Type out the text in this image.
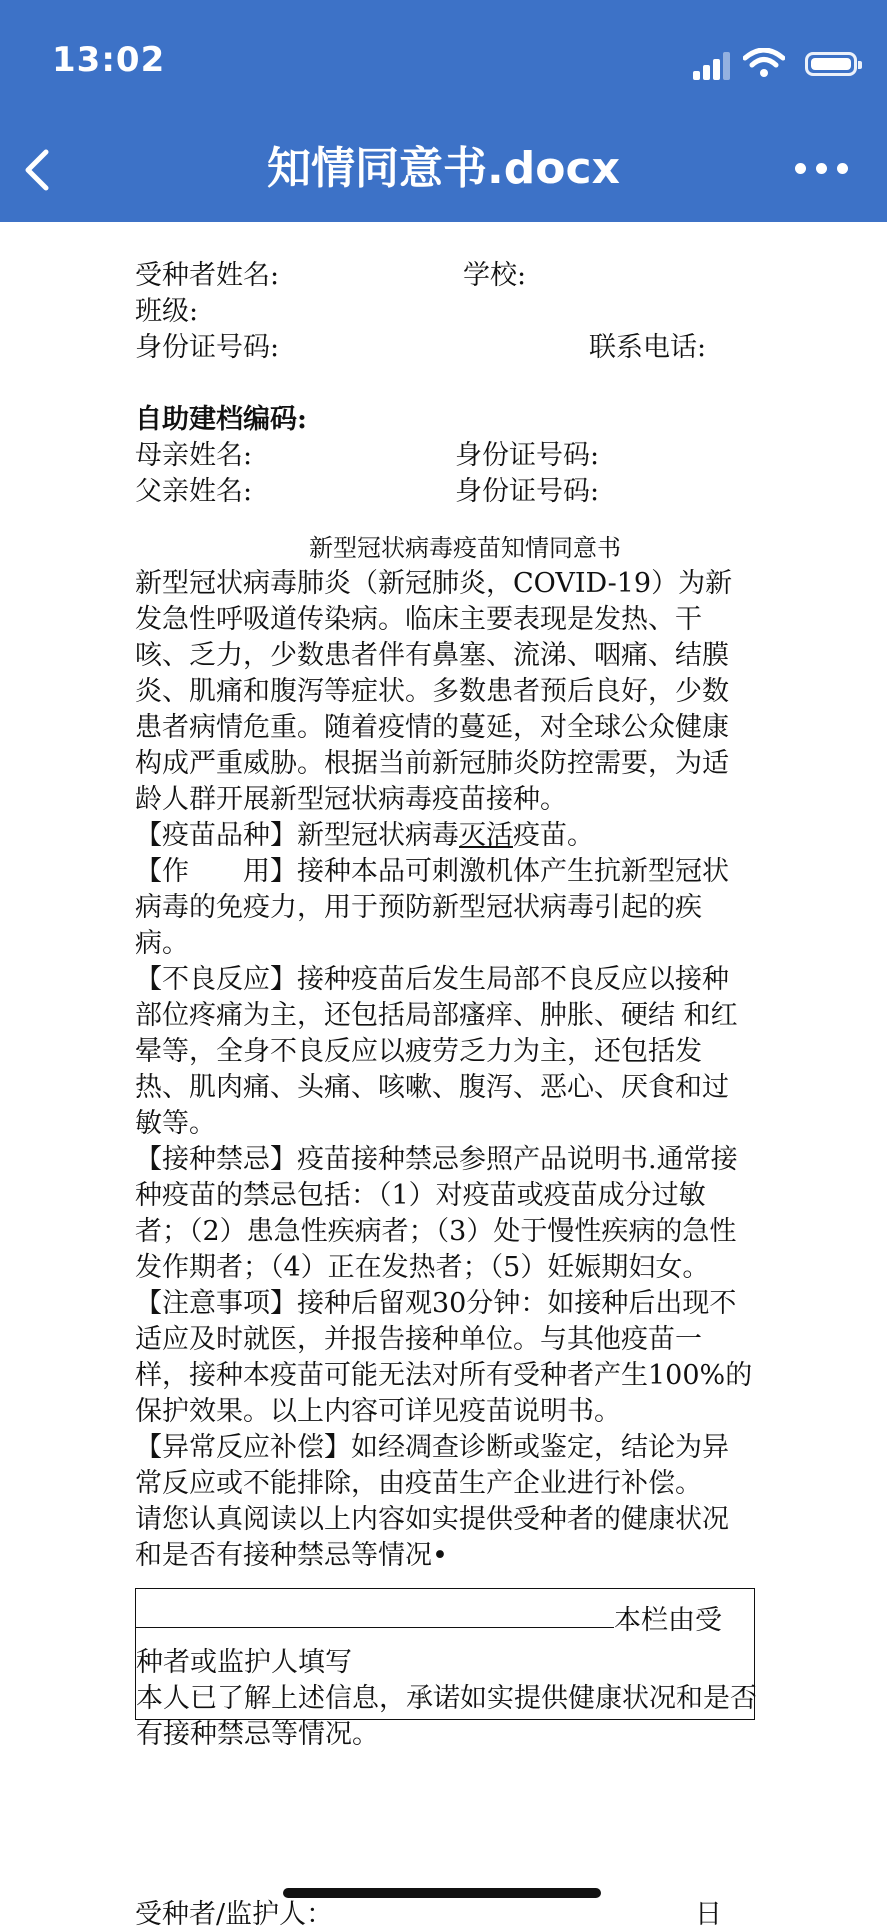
13:02
知情同意书.docx
受种者姓名:	学校:
班级:
身份证号码:	联系电话:
自助建档编码:
母亲姓名:	身份证号码:
父亲姓名:	身份证号码:
新型冠状病毒疫苗知情同意书

新型冠状病毒肺炎（新冠肺炎，COVID-19）为新发急性呼吸道传染病。临床主要表现是发热、干咳、乏力，少数患者伴有鼻塞、流涕、咽痛、结膜炎、肌痛和腹泻等症状。多数患者预后良好，少数患者病情危重。随着疫情的蔓延，对全球公众健康构成严重威胁。根据当前新冠肺炎防控需要，为适龄人群开展新型冠状病毒疫苗接种。

【疫苗品种】新型冠状病毒灭活疫苗。

【作　　用】接种本品可刺激机体产生抗新型冠状病毒的免疫力，用于预防新型冠状病毒引起的疾病。

【不良反应】接种疫苗后发生局部不良反应以接种部位疼痛为主，还包括局部瘙痒、肿胀、硬结 和红晕等，全身不良反应以疲劳乏力为主，还包括发热、肌肉痛、头痛、咳嗽、腹泻、恶心、厌食和过敏等。

【接种禁忌】疫苗接种禁忌参照产品说明书.通常接种疫苗的禁忌包括：（1）对疫苗或疫苗成分过敏者；（2）患急性疾病者；（3）处于慢性疾病的急性发作期者；（4）正在发热者；（5）妊娠期妇女。

【注意事项】接种后留观30分钟：如接种后出现不适应及时就医，并报告接种单位。与其他疫苗一样，接种本疫苗可能无法对所有受种者产生100%的保护效果。以上内容可详见疫苗说明书。

【异常反应补偿】如经凋查诊断或鉴定，结论为异常反应或不能排除，由疫苗生产企业进行补偿。

请您认真阅读以上内容如实提供受种者的健康状况和是否有接种禁忌等情况•

本栏由受
种者或监护人填写
本人已了解上述信息，承诺如实提供健康状况和是否有接种禁忌等情况。
受种者/监护人：	日
